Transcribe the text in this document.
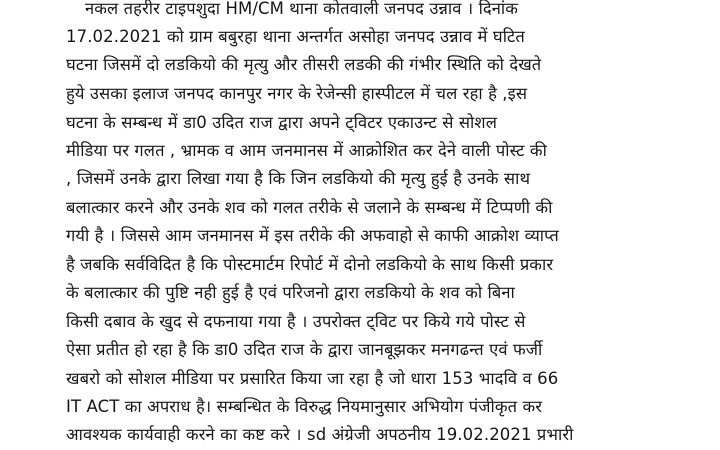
नकल तहरीर टाइपशुदा HM/CM थाना कोतवाली जनपद उन्नाव । दिनांक
17.02.2021 को ग्राम बबुरहा थाना अन्तर्गत असोहा जनपद उन्नाव में घटित
घटना जिसमें दो लडकियो की मृत्यु और तीसरी लडकी की गंभीर स्थिति को देखते
हुये उसका इलाज जनपद कानपुर नगर के रेजेन्सी हास्पीटल में चल रहा है ,इस
घटना के सम्बन्ध में डा0 उदित राज द्वारा अपने ट्विटर एकाउन्ट से सोशल
मीडिया पर गलत , भ्रामक व आम जनमानस में आक्रोशित कर देने वाली पोस्ट की
, जिसमें उनके द्वारा लिखा गया है कि जिन लडकियो की मृत्यु हुई है उनके साथ
बलात्कार करने और उनके शव को गलत तरीके से जलाने के सम्बन्ध में टिप्पणी की
गयी है । जिससे आम जनमानस में इस तरीके की अफवाहो से काफी आक्रोश व्याप्त
है जबकि सर्वविदित है कि पोस्टमार्टम रिपोर्ट में दोनो लडकियो के साथ किसी प्रकार
के बलात्कार की पुष्टि नही हुई है एवं परिजनो द्वारा लडकियो के शव को बिना
किसी दबाव के खुद से दफनाया गया है । उपरोक्त ट्विट पर किये गये पोस्ट से
ऐसा प्रतीत हो रहा है कि डा0 उदित राज के द्वारा जानबूझकर मनगढन्त एवं फर्जी
खबरो को सोशल मीडिया पर प्रसारित किया जा रहा है जो धारा 153 भादवि व 66
IT ACT का अपराध है। सम्बन्धित के विरुद्ध नियमानुसार अभियोग पंजीकृत कर
आवश्यक कार्यवाही करने का कष्ट करे । sd अंग्रेजी अपठनीय 19.02.2021 प्रभारी
